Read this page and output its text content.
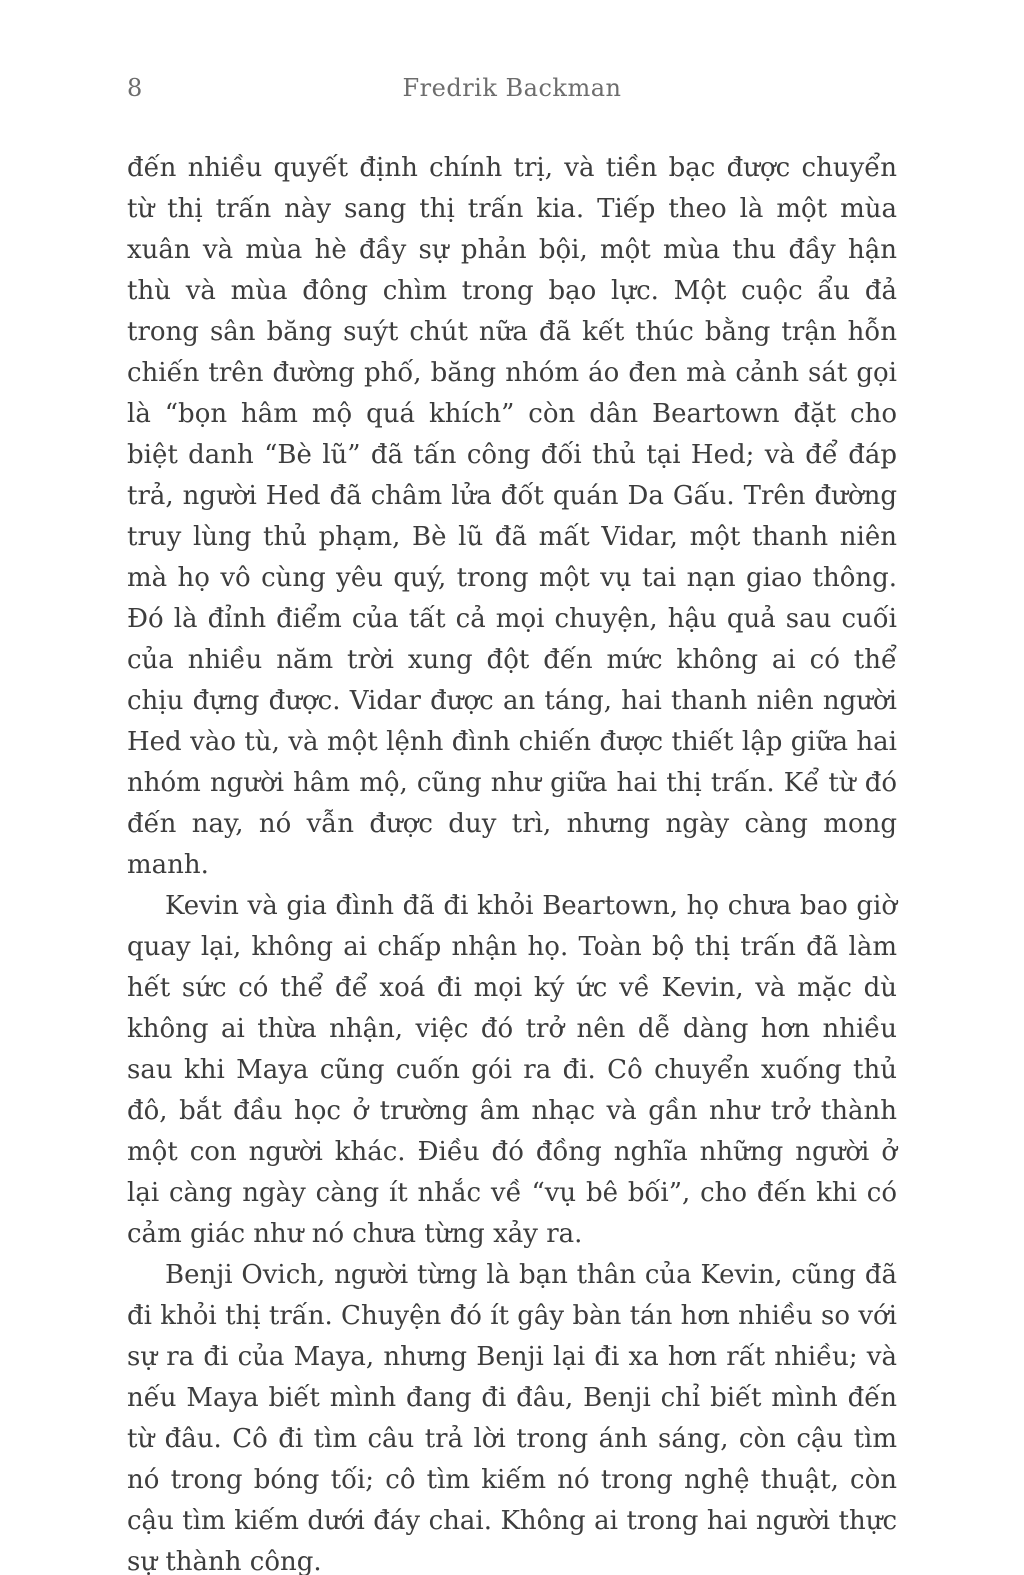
8	Fredrik Backman

đến nhiều quyết định chính trị, và tiền bạc được chuyển từ thị trấn này sang thị trấn kia. Tiếp theo là một mùa xuân và mùa hè đầy sự phản bội, một mùa thu đầy hận thù và mùa đông chìm trong bạo lực. Một cuộc ẩu đả trong sân băng suýt chút nữa đã kết thúc bằng trận hỗn chiến trên đường phố, băng nhóm áo đen mà cảnh sát gọi là “bọn hâm mộ quá khích” còn dân Beartown đặt cho biệt danh “Bè lũ” đã tấn công đối thủ tại Hed; và để đáp trả, người Hed đã châm lửa đốt quán Da Gấu. Trên đường truy lùng thủ phạm, Bè lũ đã mất Vidar, một thanh niên mà họ vô cùng yêu quý, trong một vụ tai nạn giao thông. Đó là đỉnh điểm của tất cả mọi chuyện, hậu quả sau cuối của nhiều năm trời xung đột đến mức không ai có thể chịu đựng được. Vidar được an táng, hai thanh niên người Hed vào tù, và một lệnh đình chiến được thiết lập giữa hai nhóm người hâm mộ, cũng như giữa hai thị trấn. Kể từ đó đến nay, nó vẫn được duy trì, nhưng ngày càng mong manh.

Kevin và gia đình đã đi khỏi Beartown, họ chưa bao giờ quay lại, không ai chấp nhận họ. Toàn bộ thị trấn đã làm hết sức có thể để xoá đi mọi ký ức về Kevin, và mặc dù không ai thừa nhận, việc đó trở nên dễ dàng hơn nhiều sau khi Maya cũng cuốn gói ra đi. Cô chuyển xuống thủ đô, bắt đầu học ở trường âm nhạc và gần như trở thành một con người khác. Điều đó đồng nghĩa những người ở lại càng ngày càng ít nhắc về “vụ bê bối”, cho đến khi có cảm giác như nó chưa từng xảy ra.

Benji Ovich, người từng là bạn thân của Kevin, cũng đã đi khỏi thị trấn. Chuyện đó ít gây bàn tán hơn nhiều so với sự ra đi của Maya, nhưng Benji lại đi xa hơn rất nhiều; và nếu Maya biết mình đang đi đâu, Benji chỉ biết mình đến từ đâu. Cô đi tìm câu trả lời trong ánh sáng, còn cậu tìm nó trong bóng tối; cô tìm kiếm nó trong nghệ thuật, còn cậu tìm kiếm dưới đáy chai. Không ai trong hai người thực sự thành công.
